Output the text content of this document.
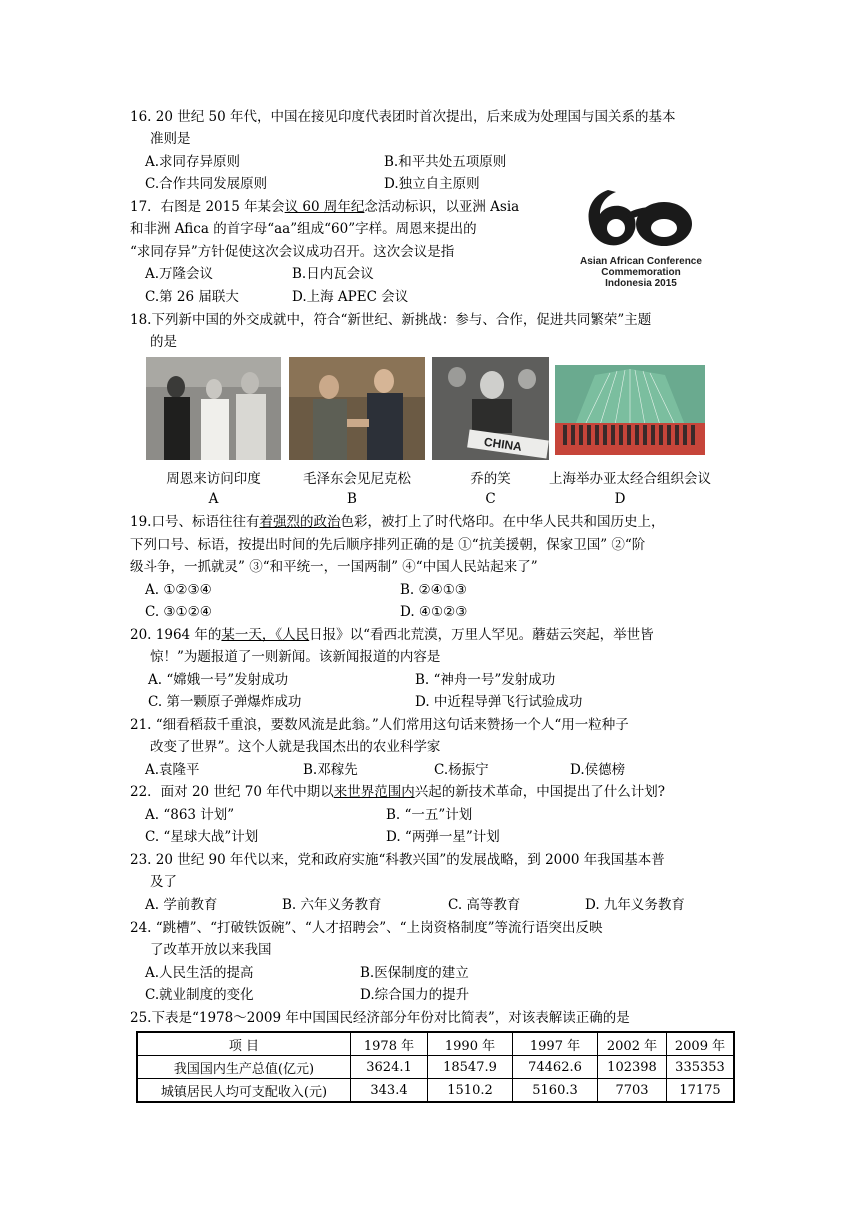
16. 20 世纪 50 年代，中国在接见印度代表团时首次提出，后来成为处理国与国关系的基本
准则是
A.求同存异原则	B.和平共处五项原则
C.合作共同发展原则	D.独立自主原则
17．右图是 2015 年某会议 60 周年纪念活动标识，以亚洲 Asia
和非洲 Afica 的首字母“aa”组成“60”字样。周恩来提出的
“求同存异”方针促使这次会议成功召开。这次会议是指
A.万隆会议	B.日内瓦会议
C.第 26 届联大	D.上海 APEC 会议
Asian African Conference
Commemoration
Indonesia 2015
18.下列新中国的外交成就中，符合“新世纪、新挑战：参与、合作，促进共同繁荣”主题
的是
CHINA
周恩来访问印度	毛泽东会见尼克松	乔的笑	上海举办亚太经合组织会议
A	B	C	D
19.口号、标语往往有着强烈的政治色彩，被打上了时代烙印。在中华人民共和国历史上，
下列口号、标语，按提出时间的先后顺序排列正确的是 ①“抗美援朝，保家卫国” ②“阶
级斗争，一抓就灵” ③“和平统一，一国两制” ④“中国人民站起来了”
A. ①②③④	B. ②④①③
C. ③①②④	D. ④①②③
20. 1964 年的某一天，《人民日报》以“看西北荒漠，万里人罕见。蘑菇云突起，举世皆
惊！”为题报道了一则新闻。该新闻报道的内容是
A. “嫦娥一号”发射成功	B. “神舟一号”发射成功
C. 第一颗原子弹爆炸成功	D. 中近程导弹飞行试验成功
21. “细看稻菽千重浪，要数风流是此翁。”人们常用这句话来赞扬一个人“用一粒种子
改变了世界”。这个人就是我国杰出的农业科学家
A.袁隆平	B.邓稼先	C.杨振宁	D.侯德榜
22．面对 20 世纪 70 年代中期以来世界范围内兴起的新技术革命，中国提出了什么计划?
A. “863 计划”	B. “一五”计划
C. “星球大战”计划	D. “两弹一星”计划
23. 20 世纪 90 年代以来，党和政府实施“科教兴国”的发展战略，到 2000 年我国基本普
及了
A. 学前教育	B. 六年义务教育	C. 高等教育	D. 九年义务教育
24. “跳槽”、“打破铁饭碗”、“人才招聘会”、“上岗资格制度”等流行语突出反映
了改革开放以来我国
A.人民生活的提高	B.医保制度的建立
C.就业制度的变化	D.综合国力的提升
25.下表是“1978～2009 年中国国民经济部分年份对比简表”，对该表解读正确的是
项 目	1978 年	1990 年	1997 年	2002 年	2009 年
我国国内生产总值(亿元)	3624.1	18547.9	74462.6	102398	335353
城镇居民人均可支配收入(元)	343.4	1510.2	5160.3	7703	17175
